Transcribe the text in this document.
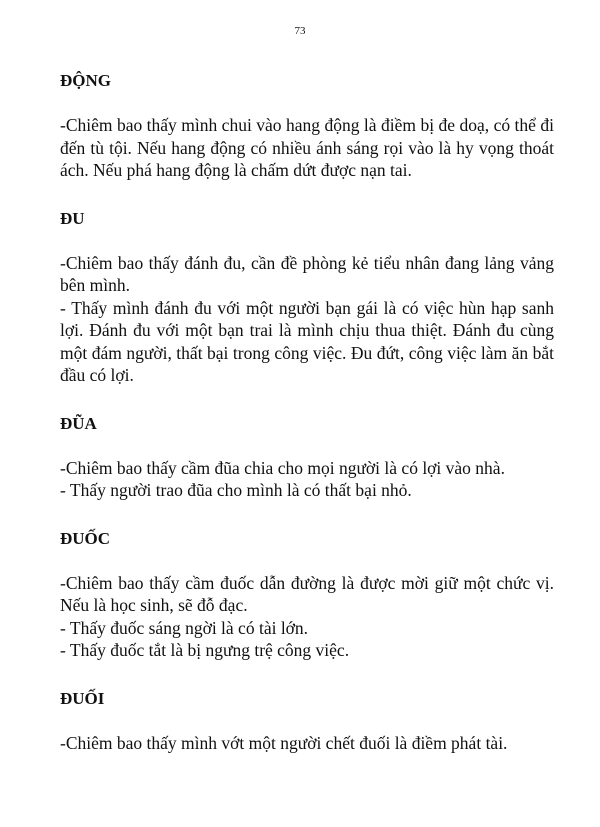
73
ĐỘNG

-Chiêm bao thấy mình chui vào hang động là điềm bị đe doạ, có thể đi đến tù tội. Nếu hang động có nhiều ánh sáng rọi vào là hy vọng thoát ách. Nếu phá hang động là chấm dứt được nạn tai.

ĐU

-Chiêm bao thấy đánh đu, cần đề phòng kẻ tiểu nhân đang lảng vảng bên mình.

- Thấy mình đánh đu với một người bạn gái là có việc hùn hạp sanh lợi. Đánh đu với một bạn trai là mình chịu thua thiệt. Đánh đu cùng một đám người, thất bại trong công việc. Đu đứt, công việc làm ăn bắt đầu có lợi.

ĐŨA

-Chiêm bao thấy cầm đũa chia cho mọi người là có lợi vào nhà.

- Thấy người trao đũa cho mình là có thất bại nhỏ.

ĐUỐC

-Chiêm bao thấy cầm đuốc dẫn đường là được mời giữ một chức vị. Nếu là học sinh, sẽ đỗ đạc.

- Thấy đuốc sáng ngời là có tài lớn.

- Thấy đuốc tắt là bị ngưng trệ công việc.

ĐUỐI

-Chiêm bao thấy mình vớt một người chết đuối là điềm phát tài.
